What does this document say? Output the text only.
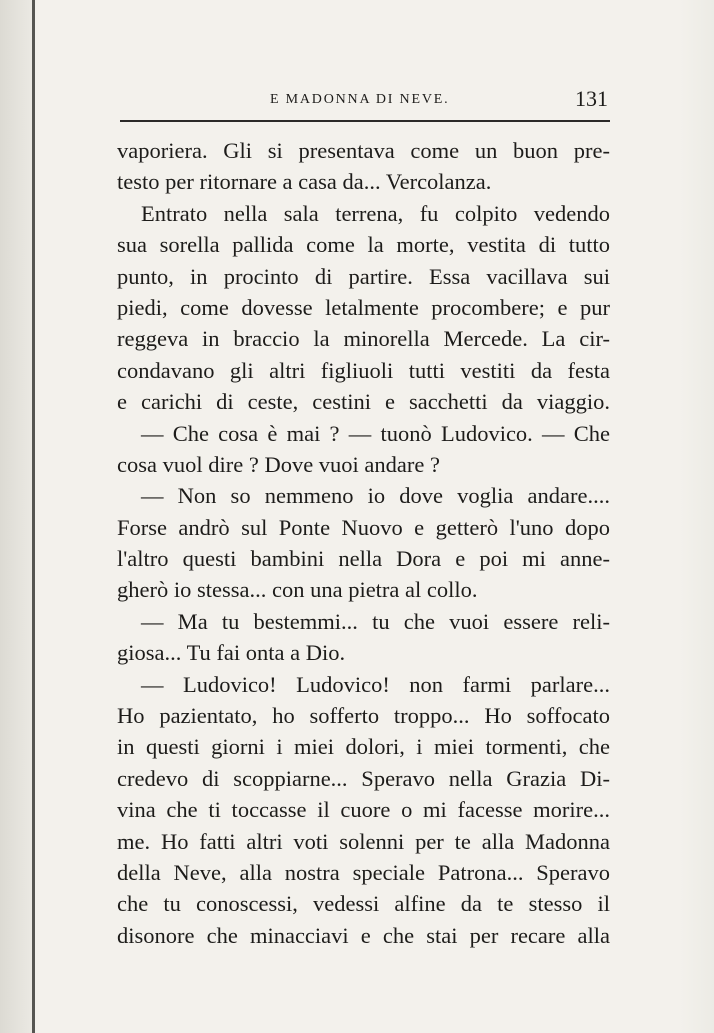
E MADONNA DI NEVE.	131
vaporiera. Gli si presentava come un buon pre-
testo per ritornare a casa da... Vercolanza.
Entrato nella sala terrena, fu colpito vedendo
sua sorella pallida come la morte, vestita di tutto
punto, in procinto di partire. Essa vacillava sui
piedi, come dovesse letalmente procombere; e pur
reggeva in braccio la minorella Mercede. La cir-
condavano gli altri figliuoli tutti vestiti da festa
e carichi di ceste, cestini e sacchetti da viaggio.
— Che cosa è mai ? — tuonò Ludovico. — Che
cosa vuol dire ? Dove vuoi andare ?
— Non so nemmeno io dove voglia andare....
Forse andrò sul Ponte Nuovo e getterò l'uno dopo
l'altro questi bambini nella Dora e poi mi anne-
gherò io stessa... con una pietra al collo.
— Ma tu bestemmi... tu che vuoi essere reli-
giosa... Tu fai onta a Dio.
— Ludovico! Ludovico! non farmi parlare...
Ho pazientato, ho sofferto troppo... Ho soffocato
in questi giorni i miei dolori, i miei tormenti, che
credevo di scoppiarne... Speravo nella Grazia Di-
vina che ti toccasse il cuore o mi facesse morire...
me. Ho fatti altri voti solenni per te alla Madonna
della Neve, alla nostra speciale Patrona... Speravo
che tu conoscessi, vedessi alfine da te stesso il
disonore che minacciavi e che stai per recare alla
